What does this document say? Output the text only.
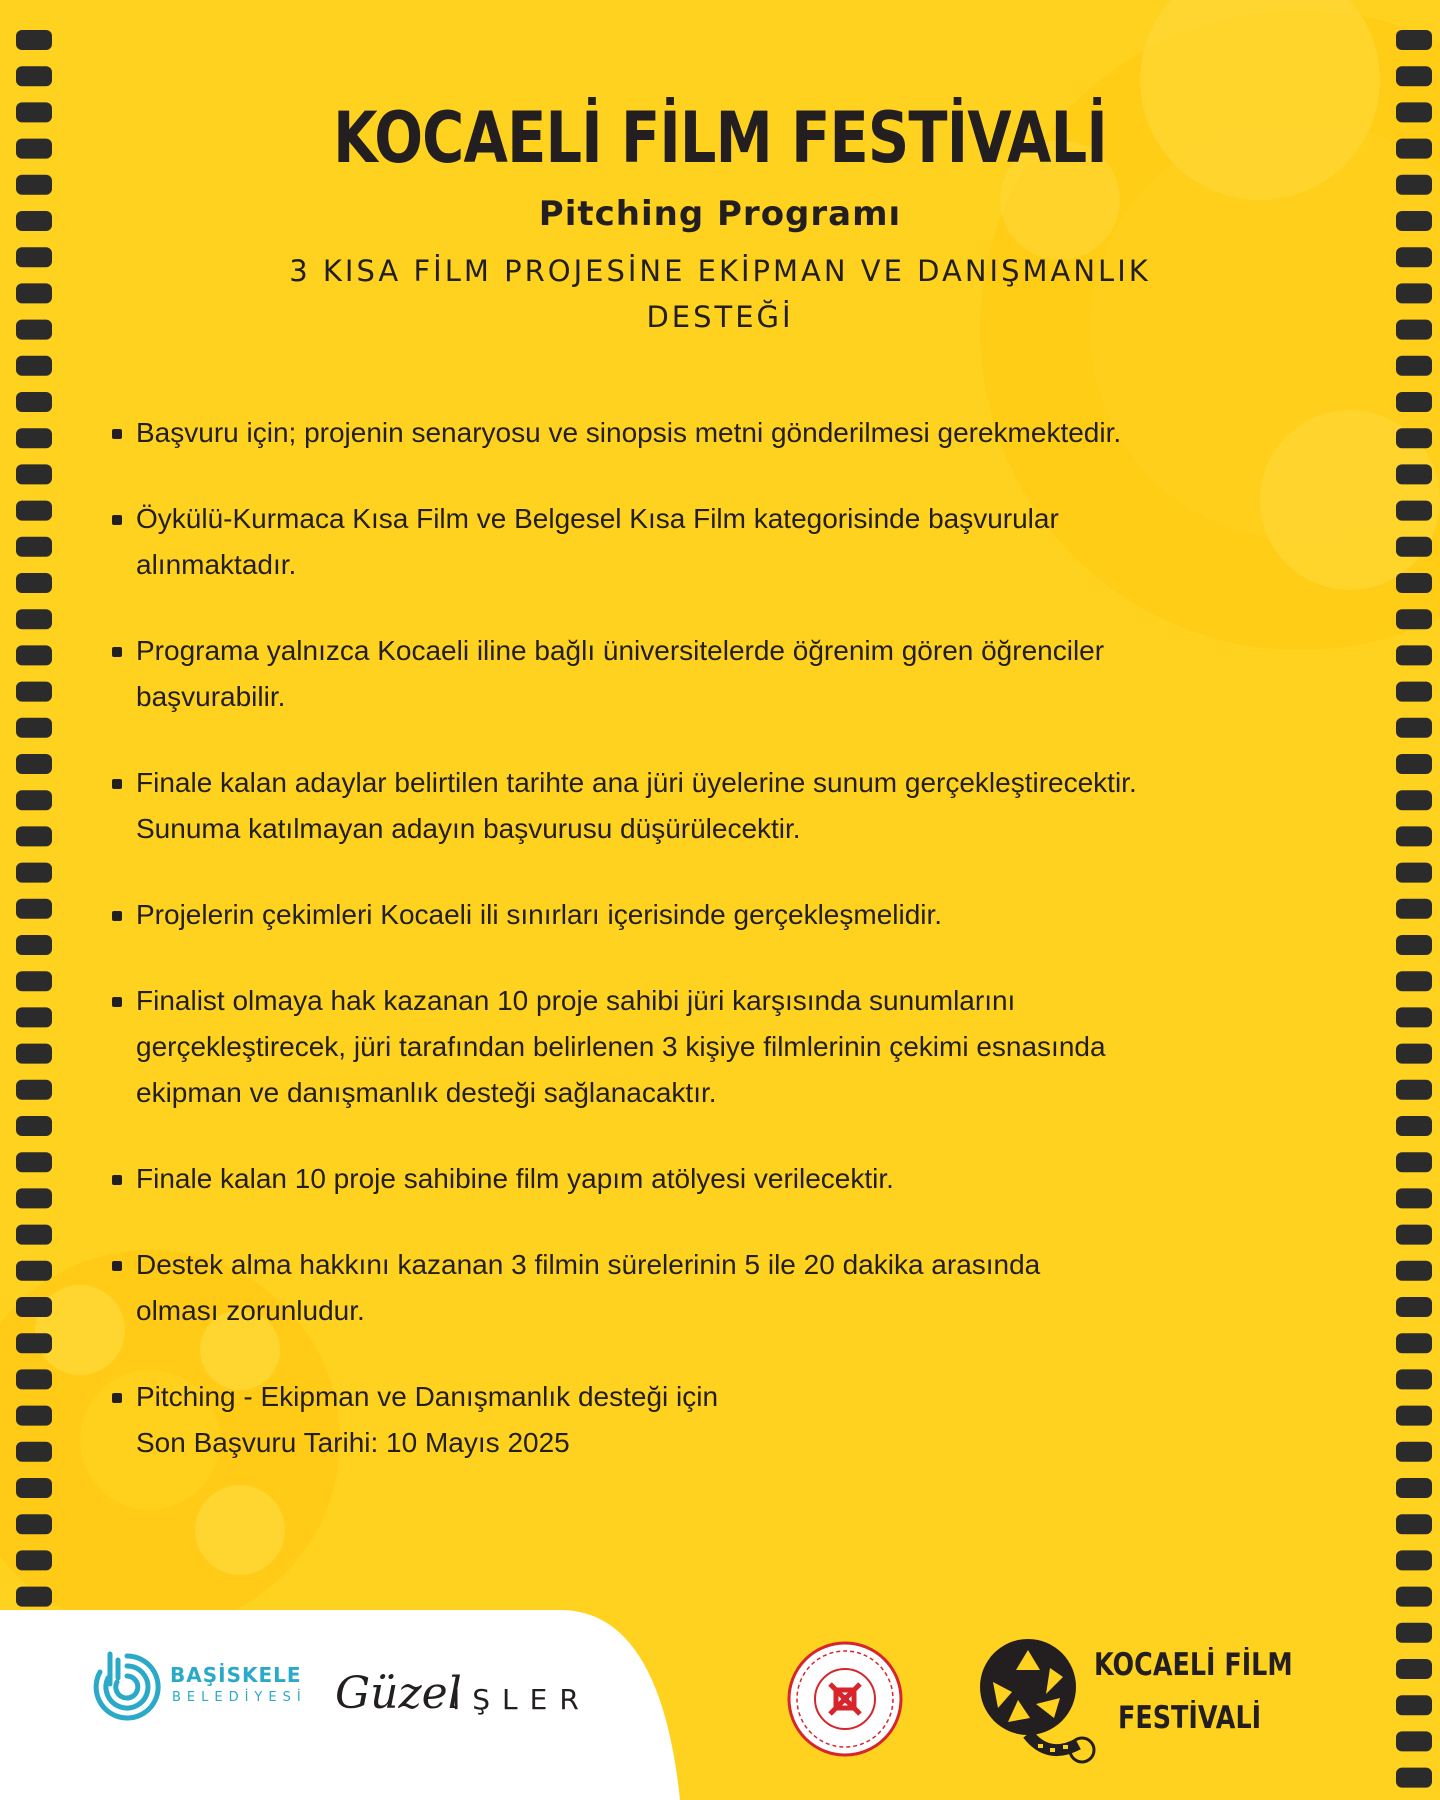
KOCAELİ FİLM FESTİVALİ
Pitching Programı
3 KISA FİLM PROJESİNE EKİPMAN VE DANIŞMANLIK DESTEĞİ
Başvuru için; projenin senaryosu ve sinopsis metni gönderilmesi gerekmektedir.
Öykülü-Kurmaca Kısa Film ve Belgesel Kısa Film kategorisinde başvurular
alınmaktadır.
Programa yalnızca Kocaeli iline bağlı üniversitelerde öğrenim gören öğrenciler
başvurabilir.
Finale kalan adaylar belirtilen tarihte ana jüri üyelerine sunum gerçekleştirecektir.
Sunuma katılmayan adayın başvurusu düşürülecektir.
Projelerin çekimleri Kocaeli ili sınırları içerisinde gerçekleşmelidir.
Finalist olmaya hak kazanan 10 proje sahibi jüri karşısında sunumlarını
gerçekleştirecek, jüri tarafından belirlenen 3 kişiye filmlerinin çekimi esnasında
ekipman ve danışmanlık desteği sağlanacaktır.
Finale kalan 10 proje sahibine film yapım atölyesi verilecektir.
Destek alma hakkını kazanan 3 filmin sürelerinin 5 ile 20 dakika arasında
olması zorunludur.
Pitching - Ekipman ve Danışmanlık desteği için
Son Başvuru Tarihi: 10 Mayıs 2025
BAŞİSKELE
BELEDİYESİ Güzel
İŞLER
KOCAELİ FİLM
FESTİVALİ
